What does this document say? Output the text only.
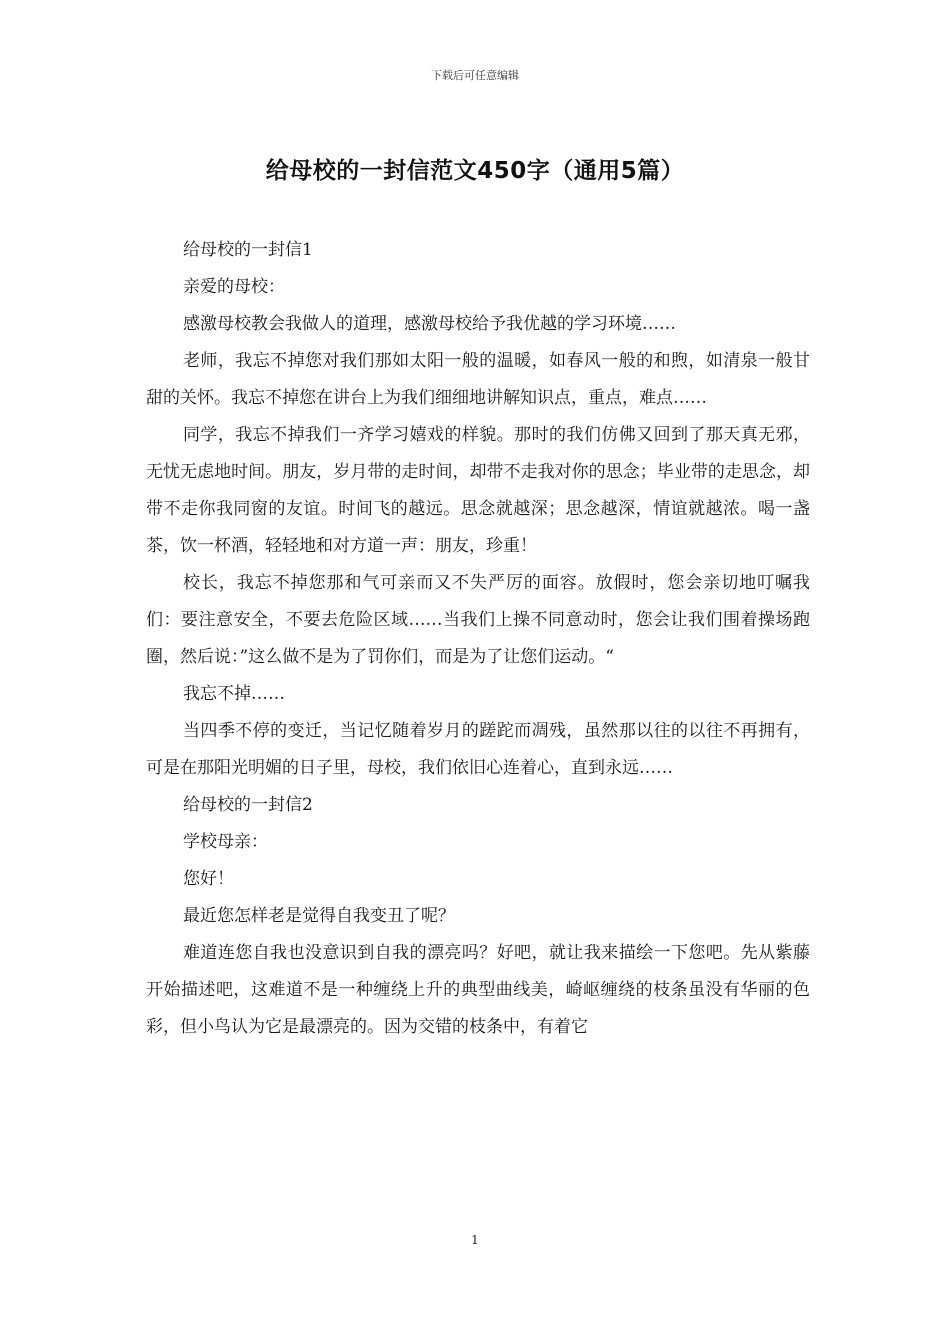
下载后可任意编辑
给母校的一封信范文450字（通用5篇）

给母校的一封信1

亲爱的母校：

感激母校教会我做人的道理，感激母校给予我优越的学习环境……

老师，我忘不掉您对我们那如太阳一般的温暖，如春风一般的和煦，如清泉一般甘甜的关怀。我忘不掉您在讲台上为我们细细地讲解知识点，重点，难点……

同学，我忘不掉我们一齐学习嬉戏的样貌。那时的我们仿佛又回到了那天真无邪，无忧无虑地时间。朋友，岁月带的走时间，却带不走我对你的思念；毕业带的走思念，却带不走你我同窗的友谊。时间飞的越远。思念就越深；思念越深，情谊就越浓。喝一盏茶，饮一杯酒，轻轻地和对方道一声：朋友，珍重！

校长，我忘不掉您那和气可亲而又不失严厉的面容。放假时，您会亲切地叮嘱我们：要注意安全，不要去危险区域……当我们上操不同意动时，您会让我们围着操场跑圈，然后说：”这么做不是为了罚你们，而是为了让您们运动。“

我忘不掉……

当四季不停的变迁，当记忆随着岁月的蹉跎而凋残，虽然那以往的以往不再拥有，可是在那阳光明媚的日子里，母校，我们依旧心连着心，直到永远……

给母校的一封信2

学校母亲：

您好！

最近您怎样老是觉得自我变丑了呢？

难道连您自我也没意识到自我的漂亮吗？好吧，就让我来描绘一下您吧。先从紫藤开始描述吧，这难道不是一种缠绕上升的典型曲线美，崎岖缠绕的枝条虽没有华丽的色彩，但小鸟认为它是最漂亮的。因为交错的枝条中，有着它

1
